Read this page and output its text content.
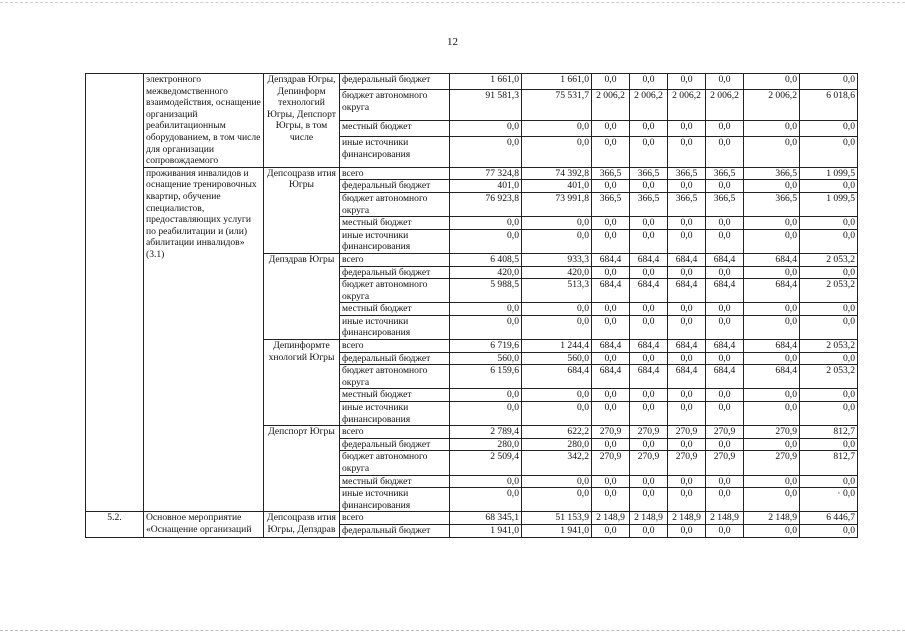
12
	электронного межведомственного взаимодействия, оснащение организаций реабилитационным оборудованием, в том числе для организации сопровождаемого	Депздрав Югры, Депинформ технологий Югры, Депспорт Югры, в том числе	федеральный бюджет	1 661,0	1 661,0	0,0	0,0	0,0	0,0	0,0	0,0
			бюджет автономного округа	91 581,3	75 531,7	2 006,2	2 006,2	2 006,2	2 006,2	2 006,2	6 018,6
			местный бюджет	0,0	0,0	0,0	0,0	0,0	0,0	0,0	0,0
			иные источники финансирования	0,0	0,0	0,0	0,0	0,0	0,0	0,0	0,0
	проживания инвалидов и оснащение тренировочных квартир, обучение специалистов, предоставляющих услуги по реабилитации и (или) абилитации инвалидов» (3.1)	Депсоцразв ития Югры	всего	77 324,8	74 392,8	366,5	366,5	366,5	366,5	366,5	1 099,5
			федеральный бюджет	401,0	401,0	0,0	0,0	0,0	0,0	0,0	0,0
			бюджет автономного округа	76 923,8	73 991,8	366,5	366,5	366,5	366,5	366,5	1 099,5
			местный бюджет	0,0	0,0	0,0	0,0	0,0	0,0	0,0	0,0
			иные источники финансирования	0,0	0,0	0,0	0,0	0,0	0,0	0,0	0,0
		Депздрав Югры	всего	6 408,5	933,3	684,4	684,4	684,4	684,4	684,4	2 053,2
			федеральный бюджет	420,0	420,0	0,0	0,0	0,0	0,0	0,0	0,0
			бюджет автономного округа	5 988,5	513,3	684,4	684,4	684,4	684,4	684,4	2 053,2
			местный бюджет	0,0	0,0	0,0	0,0	0,0	0,0	0,0	0,0
			иные источники финансирования	0,0	0,0	0,0	0,0	0,0	0,0	0,0	0,0
		Депинформте хнологий Югры	всего	6 719,6	1 244,4	684,4	684,4	684,4	684,4	684,4	2 053,2
			федеральный бюджет	560,0	560,0	0,0	0,0	0,0	0,0	0,0	0,0
			бюджет автономного округа	6 159,6	684,4	684,4	684,4	684,4	684,4	684,4	2 053,2
			местный бюджет	0,0	0,0	0,0	0,0	0,0	0,0	0,0	0,0
			иные источники финансирования	0,0	0,0	0,0	0,0	0,0	0,0	0,0	0,0
		Депспорт Югры	всего	2 789,4	622,2	270,9	270,9	270,9	270,9	270,9	812,7
			федеральный бюджет	280,0	280,0	0,0	0,0	0,0	0,0	0,0	0,0
			бюджет автономного округа	2 509,4	342,2	270,9	270,9	270,9	270,9	270,9	812,7
			местный бюджет	0,0	0,0	0,0	0,0	0,0	0,0	0,0	0,0
			иные источники финансирования	0,0	0,0	0,0	0,0	0,0	0,0	0,0	· 0,0
5.2.	Основное мероприятие «Оснащение организаций	Депсоцразв ития Югры, Депздрав	всего	68 345,1	51 153,9	2 148,9	2 148,9	2 148,9	2 148,9	2 148,9	6 446,7
			федеральный бюджет	1 941,0	1 941,0	0,0	0,0	0,0	0,0	0,0	0,0
